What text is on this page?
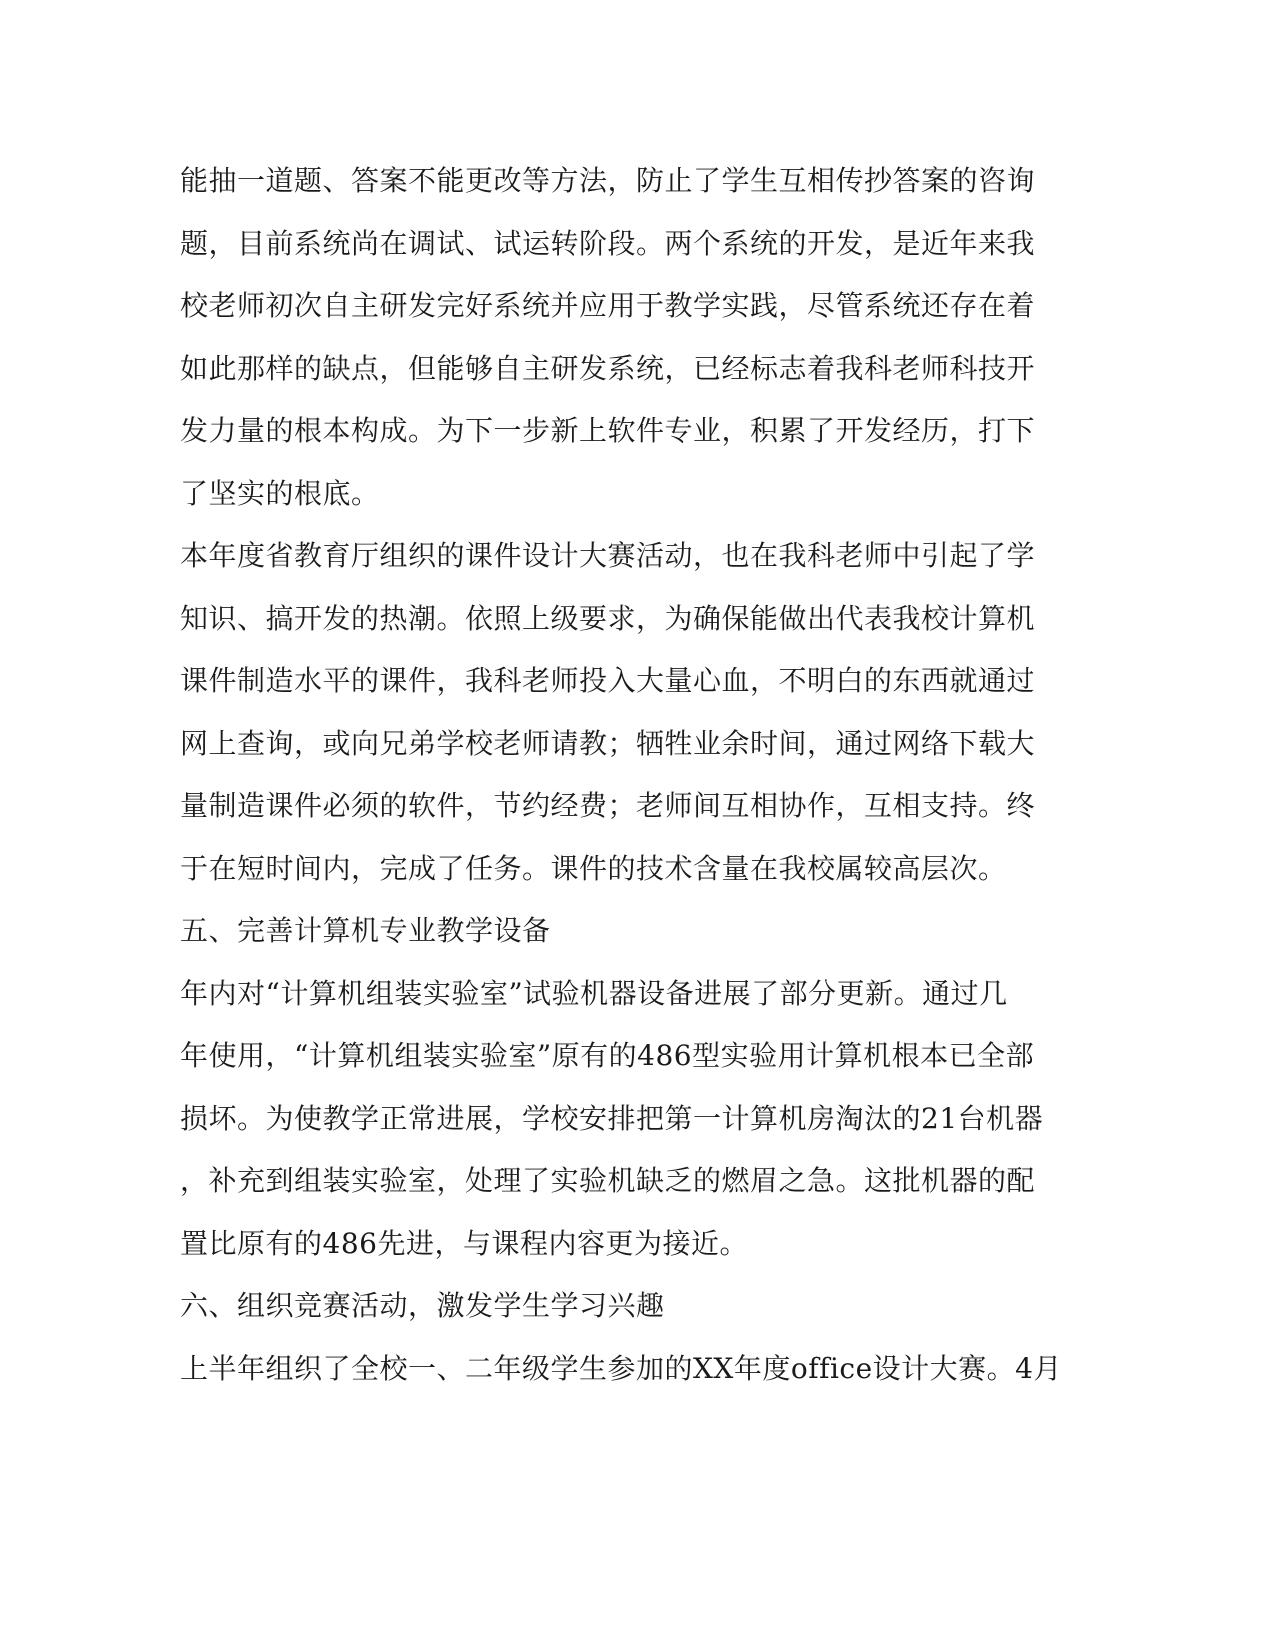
能抽一道题、答案不能更改等方法，防止了学生互相传抄答案的咨询
题，目前系统尚在调试、试运转阶段。两个系统的开发，是近年来我
校老师初次自主研发完好系统并应用于教学实践，尽管系统还存在着
如此那样的缺点，但能够自主研发系统，已经标志着我科老师科技开
发力量的根本构成。为下一步新上软件专业，积累了开发经历，打下
了坚实的根底。
本年度省教育厅组织的课件设计大赛活动，也在我科老师中引起了学
知识、搞开发的热潮。依照上级要求，为确保能做出代表我校计算机
课件制造水平的课件，我科老师投入大量心血，不明白的东西就通过
网上查询，或向兄弟学校老师请教；牺牲业余时间，通过网络下载大
量制造课件必须的软件，节约经费；老师间互相协作，互相支持。终
于在短时间内，完成了任务。课件的技术含量在我校属较高层次。
五、完善计算机专业教学设备
年内对“计算机组装实验室”试验机器设备进展了部分更新。通过几
年使用，“计算机组装实验室”原有的486型实验用计算机根本已全部
损坏。为使教学正常进展，学校安排把第一计算机房淘汰的21台机器
，补充到组装实验室，处理了实验机缺乏的燃眉之急。这批机器的配
置比原有的486先进，与课程内容更为接近。
六、组织竞赛活动，激发学生学习兴趣
上半年组织了全校一、二年级学生参加的XX年度office设计大赛。4月
